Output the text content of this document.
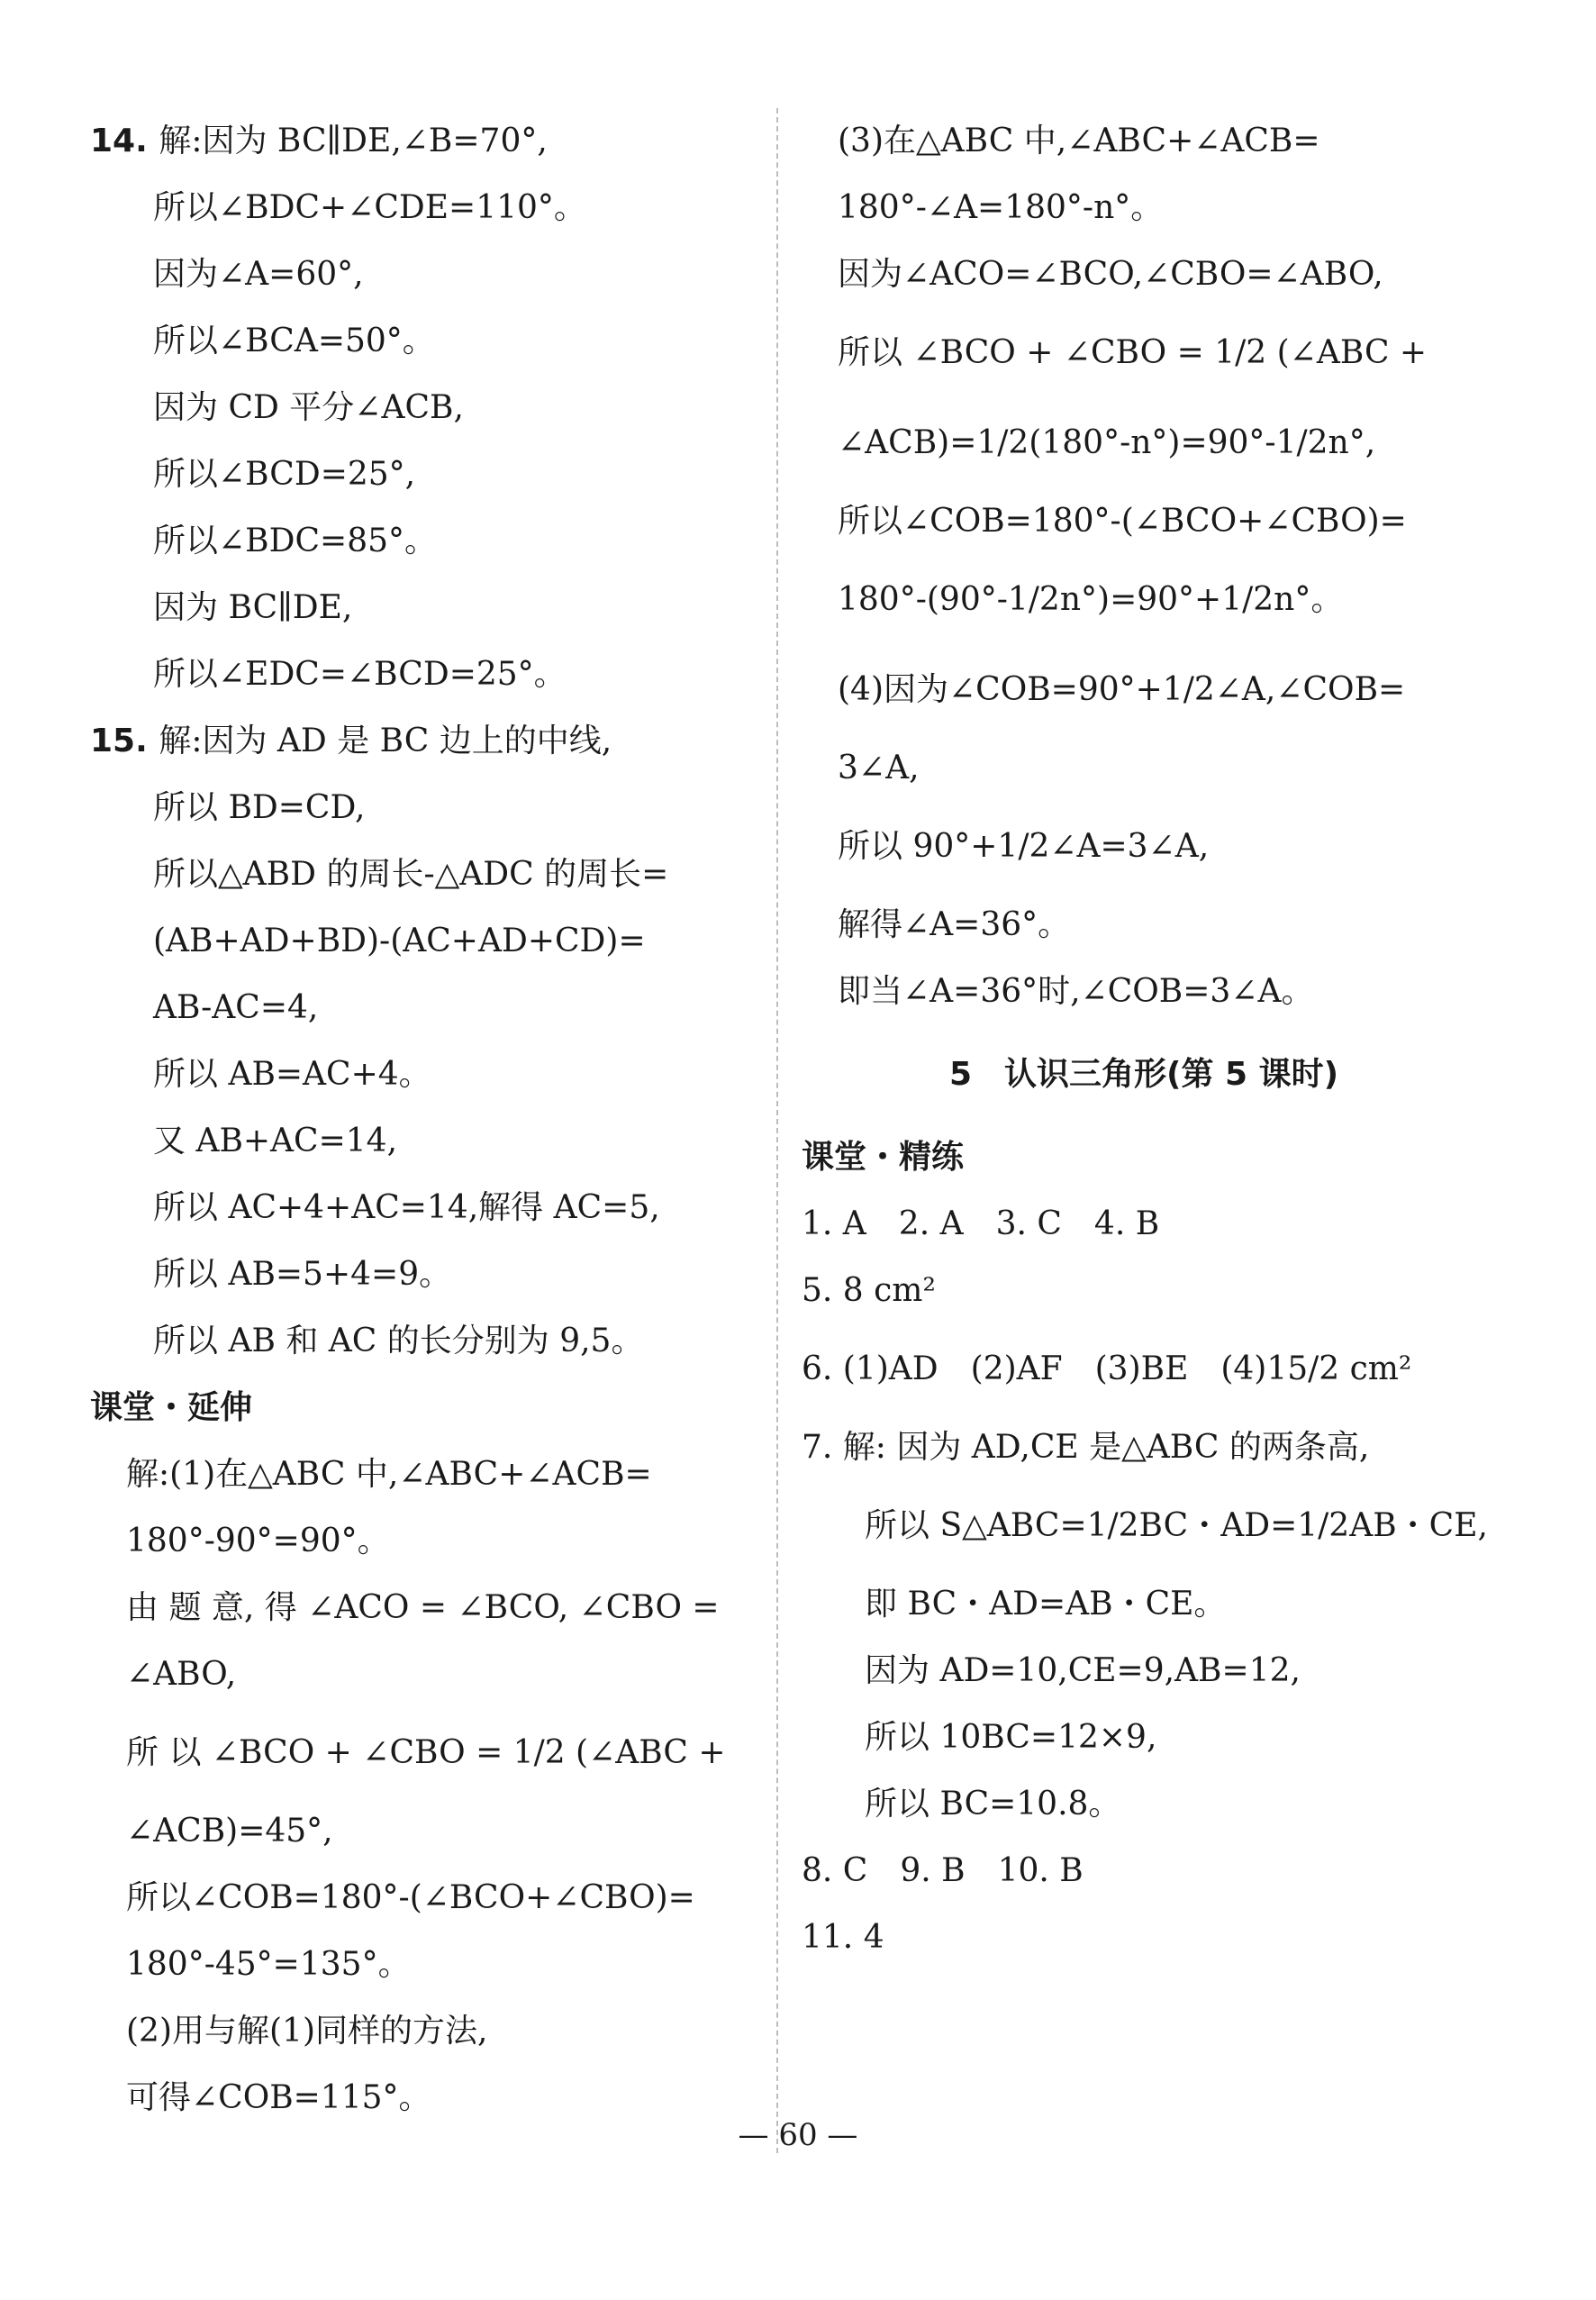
14. 解:因为 BC∥DE,∠B=70°,
所以∠BDC+∠CDE=110°。
因为∠A=60°,
所以∠BCA=50°。
因为 CD 平分∠ACB,
所以∠BCD=25°,
所以∠BDC=85°。
因为 BC∥DE,
所以∠EDC=∠BCD=25°。
15. 解:因为 AD 是 BC 边上的中线,
所以 BD=CD,
所以△ABD 的周长-△ADC 的周长=
(AB+AD+BD)-(AC+AD+CD)=
AB-AC=4,
所以 AB=AC+4。
又 AB+AC=14,
所以 AC+4+AC=14,解得 AC=5,
所以 AB=5+4=9。
所以 AB 和 AC 的长分别为 9,5。
课堂・延伸
解:(1)在△ABC 中,∠ABC+∠ACB=
180°-90°=90°。
由 题 意, 得 ∠ACO = ∠BCO, ∠CBO =
∠ABO,
所 以 ∠BCO + ∠CBO = 1/2 (∠ABC +
∠ACB)=45°,
所以∠COB=180°-(∠BCO+∠CBO)=
180°-45°=135°。
(2)用与解(1)同样的方法,
可得∠COB=115°。
(3)在△ABC 中,∠ABC+∠ACB=
180°-∠A=180°-n°。
因为∠ACO=∠BCO,∠CBO=∠ABO,
所以 ∠BCO + ∠CBO = 1/2 (∠ABC +
∠ACB)=1/2(180°-n°)=90°-1/2n°,
所以∠COB=180°-(∠BCO+∠CBO)=
180°-(90°-1/2n°)=90°+1/2n°。
(4)因为∠COB=90°+1/2∠A,∠COB=
3∠A,
所以 90°+1/2∠A=3∠A,
解得∠A=36°。
即当∠A=36°时,∠COB=3∠A。
5　认识三角形(第 5 课时)
课堂・精练
1. A　2. A　3. C　4. B
5. 8 cm²
6. (1)AD　(2)AF　(3)BE　(4)15/2 cm²
7. 解: 因为 AD,CE 是△ABC 的两条高,
所以 S△ABC=1/2BC・AD=1/2AB・CE,
即 BC・AD=AB・CE。
因为 AD=10,CE=9,AB=12,
所以 10BC=12×9,
所以 BC=10.8。
8. C　9. B　10. B
11. 4
— 60 —
